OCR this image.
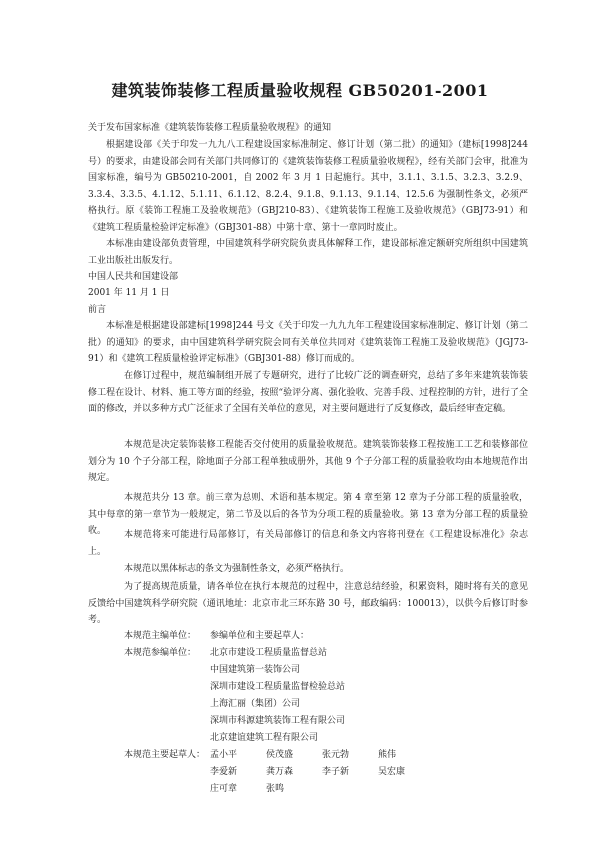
建筑装饰装修工程质量验收规程 GB50201-2001
关于发布国家标准《建筑装饰装修工程质量验收规程》的通知
根据建设部《关于印发一九九八工程建设国家标准制定、修订计划（第二批）的通知》（建标[1998]244号）的要求，由建设部会同有关部门共同修订的《建筑装饰装修工程质量验收规程》，经有关部门会审，批准为国家标准，编号为 GB50210-2001，自 2002 年 3 月 1 日起施行。其中，3.1.1、3.1.5、3.2.3、3.2.9、3.3.4、3.3.5、4.1.12、5.1.11、6.1.12、8.2.4、9.1.8、9.1.13、9.1.14、12.5.6 为强制性条文，必须严格执行。原《装饰工程施工及验收规范》（GBJ210-83）、《建筑装饰工程施工及验收规范》（GBJ73-91）和《建筑工程质量检验评定标准》（GBJ301-88）中第十章、第十一章同时废止。
本标准由建设部负责管理，中国建筑科学研究院负责具体解释工作，建设部标准定额研究所组织中国建筑工业出版社出版发行。
中国人民共和国建设部
2001 年 11 月 1 日
前言
本标准是根据建设部建标[1998]244 号文《关于印发一九九九年工程建设国家标准制定、修订计划（第二批）的通知》的要求，由中国建筑科学研究院会同有关单位共同对《建筑装饰工程施工及验收规范》（JGJ73-91）和《建筑工程质量检验评定标准》（GBJ301-88）修订而成的。
在修订过程中，规范编制组开展了专题研究，进行了比较广泛的调查研究，总结了多年来建筑装饰装修工程在设计、材料、施工等方面的经验，按照“验评分离、强化验收、完善手段、过程控制的方针，进行了全面的修改，并以多种方式广泛征求了全国有关单位的意见，对主要问题进行了反复修改，最后经审查定稿。
本规范是决定装饰装修工程能否交付使用的质量验收规范。建筑装饰装修工程按施工工艺和装修部位划分为 10 个子分部工程，除地面子分部工程单独成册外，其他 9 个子分部工程的质量验收均由本地规范作出规定。
本规范共分 13 章。前三章为总则、术语和基本规定。第 4 章至第 12 章为子分部工程的质量验收，其中每章的第一章节为一般规定，第二节及以后的各节为分项工程的质量验收。第 13 章为分部工程的质量验收。	本规范将来可能进行局部修订，有关局部修订的信息和条文内容将刊登在《工程建设标准化》杂志上。
本规范以黑体标志的条文为强制性条文，必须严格执行。
为了提高规范质量，请各单位在执行本规范的过程中，注意总结经验，积累资料，随时将有关的意见反馈给中国建筑科学研究院（通讯地址：北京市北三环东路 30 号，邮政编码：100013），以供今后修订时参考。
本规范主编单位： 参编单位和主要起草人：
本规范参编单位： 北京市建设工程质量监督总站
中国建筑第一装饰公司
深圳市建设工程质量监督检验总站
上海汇丽（集团）公司
深圳市科源建筑装饰工程有限公司
北京建谊建筑工程有限公司
本规范主要起草人： 孟小平	侯茂盛	张元勃	熊伟
李爱新	龚万森	李子新	吴宏康
庄可章	张鸣
